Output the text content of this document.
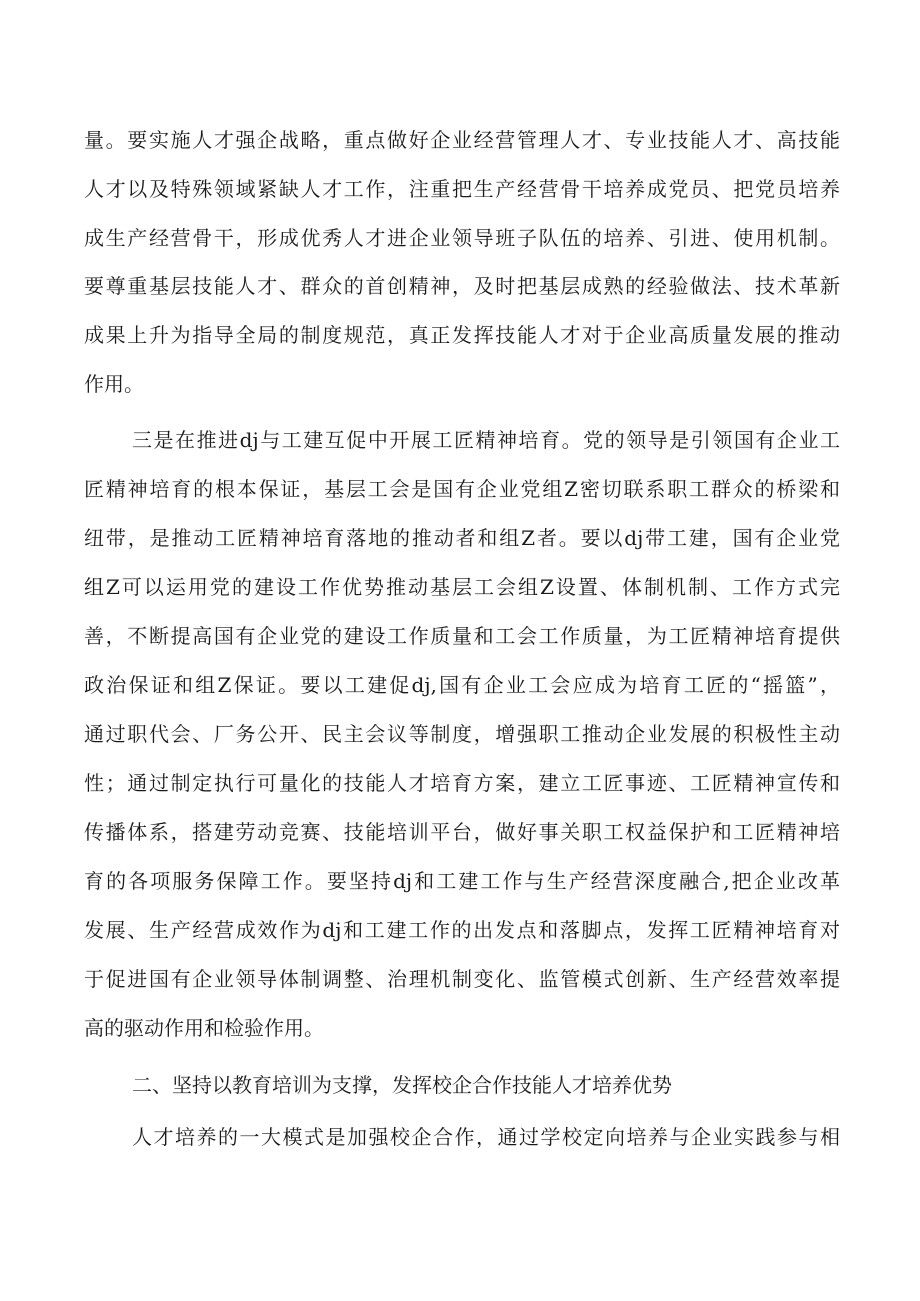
量。要实施人才强企战略，重点做好企业经营管理人才、专业技能人才、高技能
人才以及特殊领域紧缺人才工作，注重把生产经营骨干培养成党员、把党员培养
成生产经营骨干，形成优秀人才进企业领导班子队伍的培养、引进、使用机制。
要尊重基层技能人才、群众的首创精神，及时把基层成熟的经验做法、技术革新
成果上升为指导全局的制度规范，真正发挥技能人才对于企业高质量发展的推动
作用。
三是在推进dj与工建互促中开展工匠精神培育。党的领导是引领国有企业工
匠精神培育的根本保证，基层工会是国有企业党组Z密切联系职工群众的桥梁和
纽带，是推动工匠精神培育落地的推动者和组Z者。要以dj带工建，国有企业党
组Z可以运用党的建设工作优势推动基层工会组Z设置、体制机制、工作方式完
善，不断提高国有企业党的建设工作质量和工会工作质量，为工匠精神培育提供
政治保证和组Z保证。要以工建促dj,国有企业工会应成为培育工匠的“摇篮”，
通过职代会、厂务公开、民主会议等制度，增强职工推动企业发展的积极性主动
性；通过制定执行可量化的技能人才培育方案，建立工匠事迹、工匠精神宣传和
传播体系，搭建劳动竞赛、技能培训平台，做好事关职工权益保护和工匠精神培
育的各项服务保障工作。要坚持dj和工建工作与生产经营深度融合,把企业改革
发展、生产经营成效作为dj和工建工作的出发点和落脚点，发挥工匠精神培育对
于促进国有企业领导体制调整、治理机制变化、监管模式创新、生产经营效率提
高的驱动作用和检验作用。
二、坚持以教育培训为支撑，发挥校企合作技能人才培养优势
人才培养的一大模式是加强校企合作，通过学校定向培养与企业实践参与相
